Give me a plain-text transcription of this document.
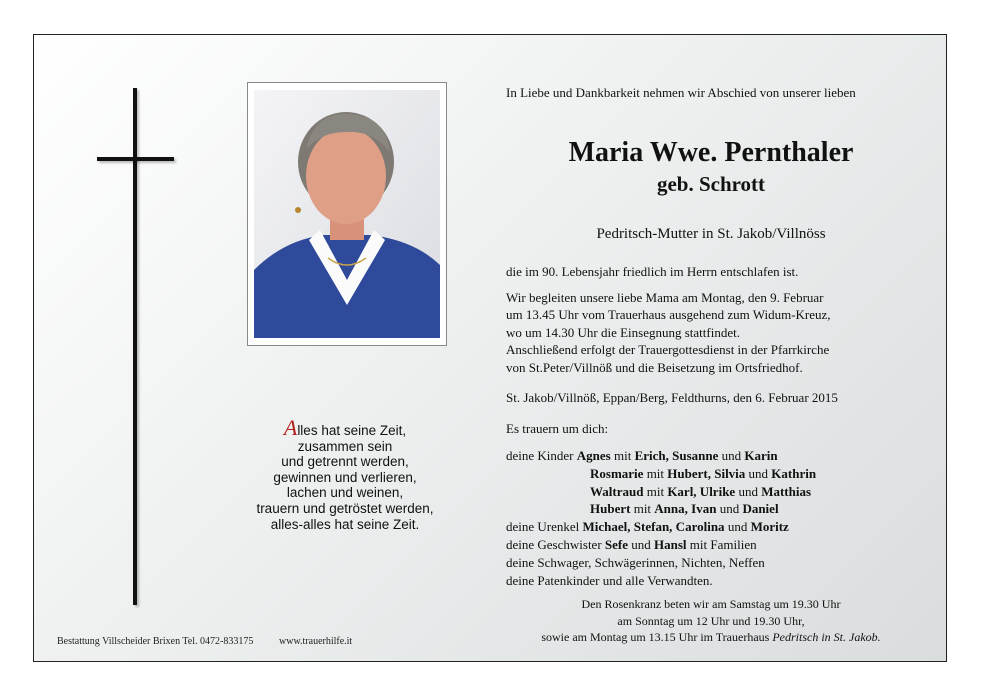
Alles hat seine Zeit,
zusammen sein
und getrennt werden,
gewinnen und verlieren,
lachen und weinen,
trauern und getröstet werden,
alles-alles hat seine Zeit.
Bestattung Villscheider Brixen Tel. 0472-833175	www.trauerhilfe.it
In Liebe und Dankbarkeit nehmen wir Abschied von unserer lieben
Maria Wwe. Pernthaler
geb. Schrott
Pedritsch-Mutter in St. Jakob/Villnöss
die im 90. Lebensjahr friedlich im Herrn entschlafen ist.
Wir begleiten unsere liebe Mama am Montag, den 9. Februar
um 13.45 Uhr vom Trauerhaus ausgehend zum Widum-Kreuz,
wo um 14.30 Uhr die Einsegnung stattfindet.
Anschließend erfolgt der Trauergottesdienst in der Pfarrkirche
von St.Peter/Villnöß und die Beisetzung im Ortsfriedhof.
St. Jakob/Villnöß, Eppan/Berg, Feldthurns, den 6. Februar 2015
Es trauern um dich:
deine Kinder Agnes mit Erich, Susanne und Karin
Rosmarie mit Hubert, Silvia und Kathrin
Waltraud mit Karl, Ulrike und Matthias
Hubert mit Anna, Ivan und Daniel
deine Urenkel Michael, Stefan, Carolina und Moritz
deine Geschwister Sefe und Hansl mit Familien
deine Schwager, Schwägerinnen, Nichten, Neffen
deine Patenkinder und alle Verwandten.
Den Rosenkranz beten wir am Samstag um 19.30 Uhr
am Sonntag um 12 Uhr und 19.30 Uhr,
sowie am Montag um 13.15 Uhr im Trauerhaus Pedritsch in St. Jakob.
